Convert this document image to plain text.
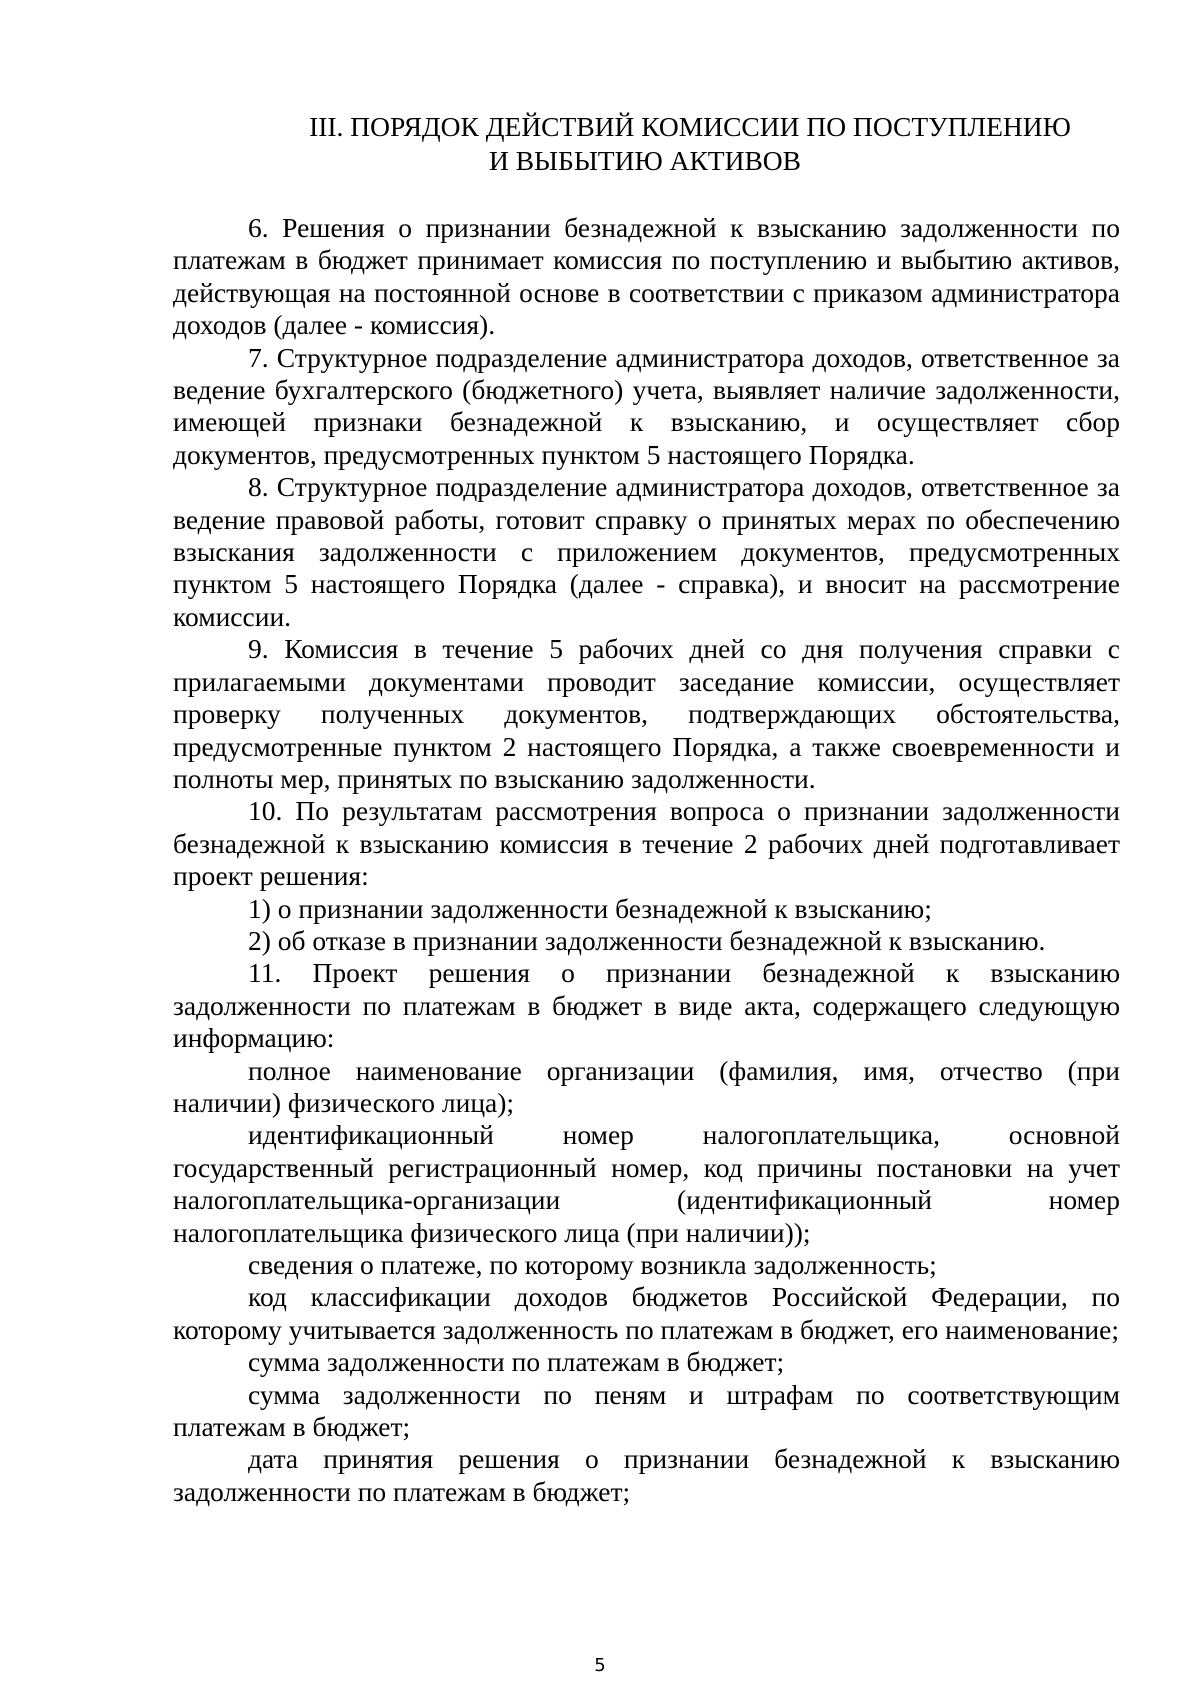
III. ПОРЯДОК ДЕЙСТВИЙ КОМИССИИ ПО ПОСТУПЛЕНИЮ
И ВЫБЫТИЮ АКТИВОВ

6. Решения о признании безнадежной к взысканию задолженности по платежам в бюджет принимает комиссия по поступлению и выбытию активов, действующая на постоянной основе в соответствии с приказом администратора доходов (далее - комиссия).

7. Структурное подразделение администратора доходов, ответственное за ведение бухгалтерского (бюджетного) учета, выявляет наличие задолженности, имеющей признаки безнадежной к взысканию, и осуществляет сбор документов, предусмотренных пунктом 5 настоящего Порядка.

8. Структурное подразделение администратора доходов, ответственное за ведение правовой работы, готовит справку о принятых мерах по обеспечению взыскания задолженности с приложением документов, предусмотренных пунктом 5 настоящего Порядка (далее - справка), и вносит на рассмотрение комиссии.

9. Комиссия в течение 5 рабочих дней со дня получения справки с прилагаемыми документами проводит заседание комиссии, осуществляет проверку полученных документов, подтверждающих обстоятельства, предусмотренные пунктом 2 настоящего Порядка, а также своевременности и полноты мер, принятых по взысканию задолженности.

10. По результатам рассмотрения вопроса о признании задолженности безнадежной к взысканию комиссия в течение 2 рабочих дней подготавливает проект решения:

1) о признании задолженности безнадежной к взысканию;

2) об отказе в признании задолженности безнадежной к взысканию.

11. Проект решения о признании безнадежной к взысканию задолженности по платежам в бюджет в виде акта, содержащего следующую информацию:

полное наименование организации (фамилия, имя, отчество (при наличии) физического лица);

идентификационный номер налогоплательщика, основной государственный регистрационный номер, код причины постановки на учет налогоплательщика-организации (идентификационный номер налогоплательщика физического лица (при наличии));

сведения о платеже, по которому возникла задолженность;

код классификации доходов бюджетов Российской Федерации, по которому учитывается задолженность по платежам в бюджет, его наименование;

сумма задолженности по платежам в бюджет;

сумма задолженности по пеням и штрафам по соответствующим платежам в бюджет;

дата принятия решения о признании безнадежной к взысканию задолженности по платежам в бюджет;

5
